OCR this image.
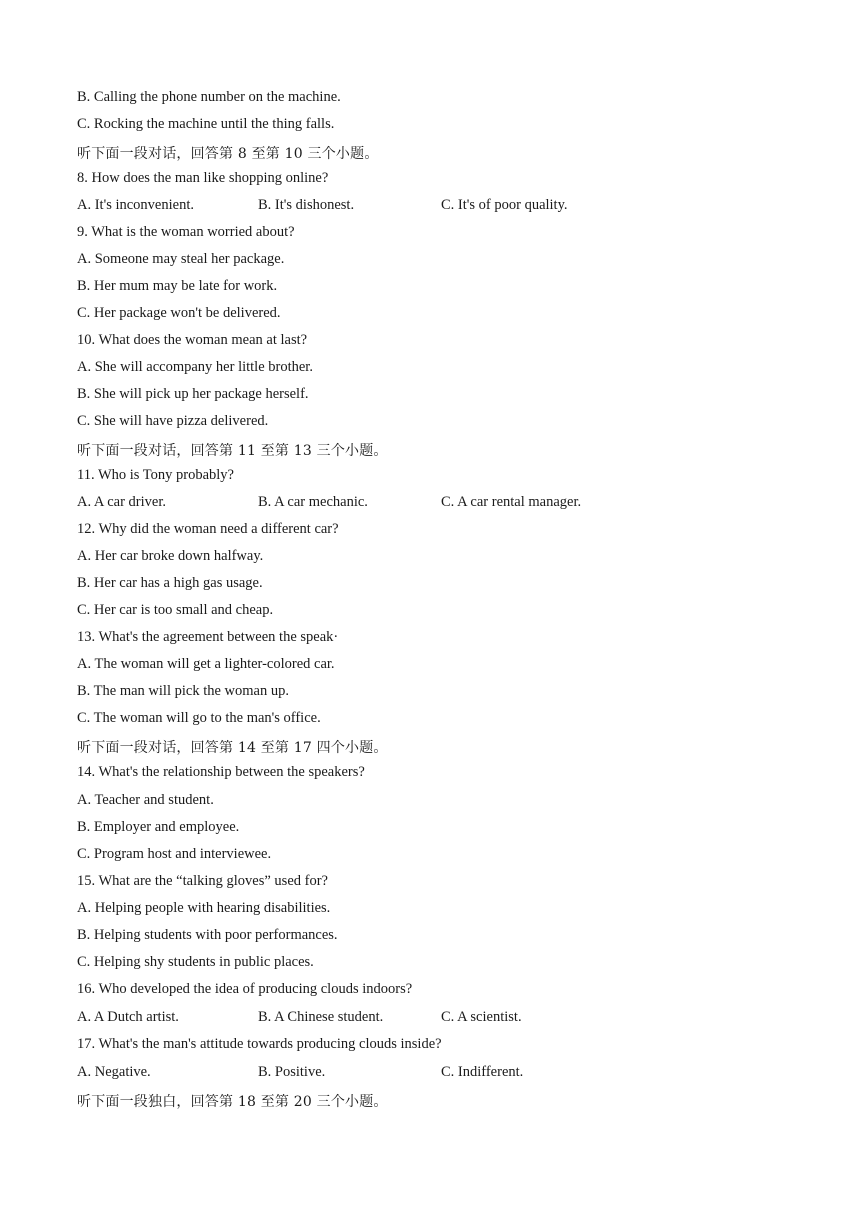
B. Calling the phone number on the machine.
C. Rocking the machine until the thing falls.
听下面一段对话，回答第 8 至第 10 三个小题。
8. How does the man like shopping online?
A. It's inconvenient.	B. It's dishonest.	C. It's of poor quality.
9. What is the woman worried about?
A. Someone may steal her package.
B. Her mum may be late for work.
C. Her package won't be delivered.
10. What does the woman mean at last?
A. She will accompany her little brother.
B. She will pick up her package herself.
C. She will have pizza delivered.
听下面一段对话，回答第 11 至第 13 三个小题。
11. Who is Tony probably?
A. A car driver.	B. A car mechanic.	C. A car rental manager.
12. Why did the woman need a different car?
A. Her car broke down halfway.
B. Her car has a high gas usage.
C. Her car is too small and cheap.
13. What's the agreement between the speak·
A. The woman will get a lighter-colored car.
B. The man will pick the woman up.
C. The woman will go to the man's office.
听下面一段对话，回答第 14 至第 17 四个小题。
14. What's the relationship between the speakers?
A. Teacher and student.
B. Employer and employee.
C. Program host and interviewee.
15. What are the “talking gloves” used for?
A. Helping people with hearing disabilities.
B. Helping students with poor performances.
C. Helping shy students in public places.
16. Who developed the idea of producing clouds indoors?
A. A Dutch artist.	B. A Chinese student.	C. A scientist.
17. What's the man's attitude towards producing clouds inside?
A. Negative.	B. Positive.	C. Indifferent.
听下面一段独白，回答第 18 至第 20 三个小题。
